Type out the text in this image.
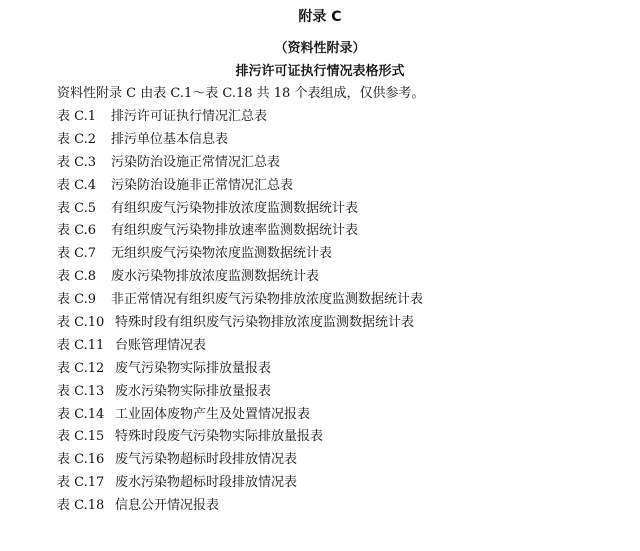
附录 C
（资料性附录）
排污许可证执行情况表格形式
资料性附录 C 由表 C.1～表 C.18 共 18 个表组成，仅供参考。
表 C.1	排污许可证执行情况汇总表
表 C.2	排污单位基本信息表
表 C.3	污染防治设施正常情况汇总表
表 C.4	污染防治设施非正常情况汇总表
表 C.5	有组织废气污染物排放浓度监测数据统计表
表 C.6	有组织废气污染物排放速率监测数据统计表
表 C.7	无组织废气污染物浓度监测数据统计表
表 C.8	废水污染物排放浓度监测数据统计表
表 C.9	非正常情况有组织废气污染物排放浓度监测数据统计表
表 C.10 特殊时段有组织废气污染物排放浓度监测数据统计表
表 C.11 台账管理情况表
表 C.12 废气污染物实际排放量报表
表 C.13 废水污染物实际排放量报表
表 C.14 工业固体废物产生及处置情况报表
表 C.15 特殊时段废气污染物实际排放量报表
表 C.16 废气污染物超标时段排放情况表
表 C.17 废水污染物超标时段排放情况表
表 C.18 信息公开情况报表
